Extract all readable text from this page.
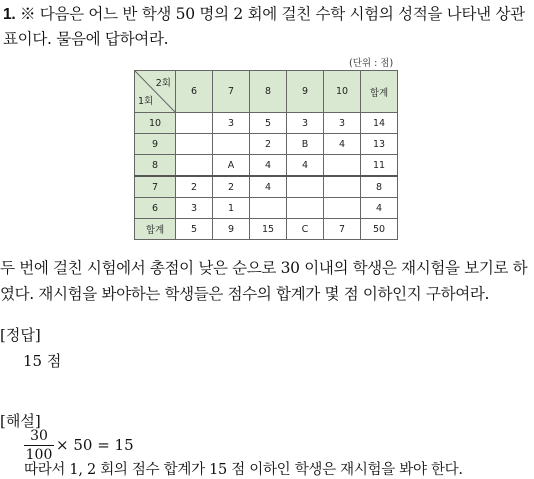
1. ※ 다음은 어느 반 학생 50 명의 2 회에 걸친 수학 시험의 성적을 나타낸 상관표이다. 물음에 답하여라.
(단위 : 점)
2회
1회	6	7	8	9	10	합계
10		3	5	3	3	14
9			2	B	4	13
8		A	4	4		11
7	2	2	4			8
6	3	1				4
합계	5	9	15	C	7	50
두 번에 걸친 시험에서 총점이 낮은 순으로 30 이내의 학생은 재시험을 보기로 하였다. 재시험을 봐야하는 학생들은 점수의 합계가 몇 점 이하인지 구하여라.
[정답]
15 점
[해설]
30
100
× 50 = 15
따라서 1, 2 회의 점수 합계가 15 점 이하인 학생은 재시험을 봐야 한다.
